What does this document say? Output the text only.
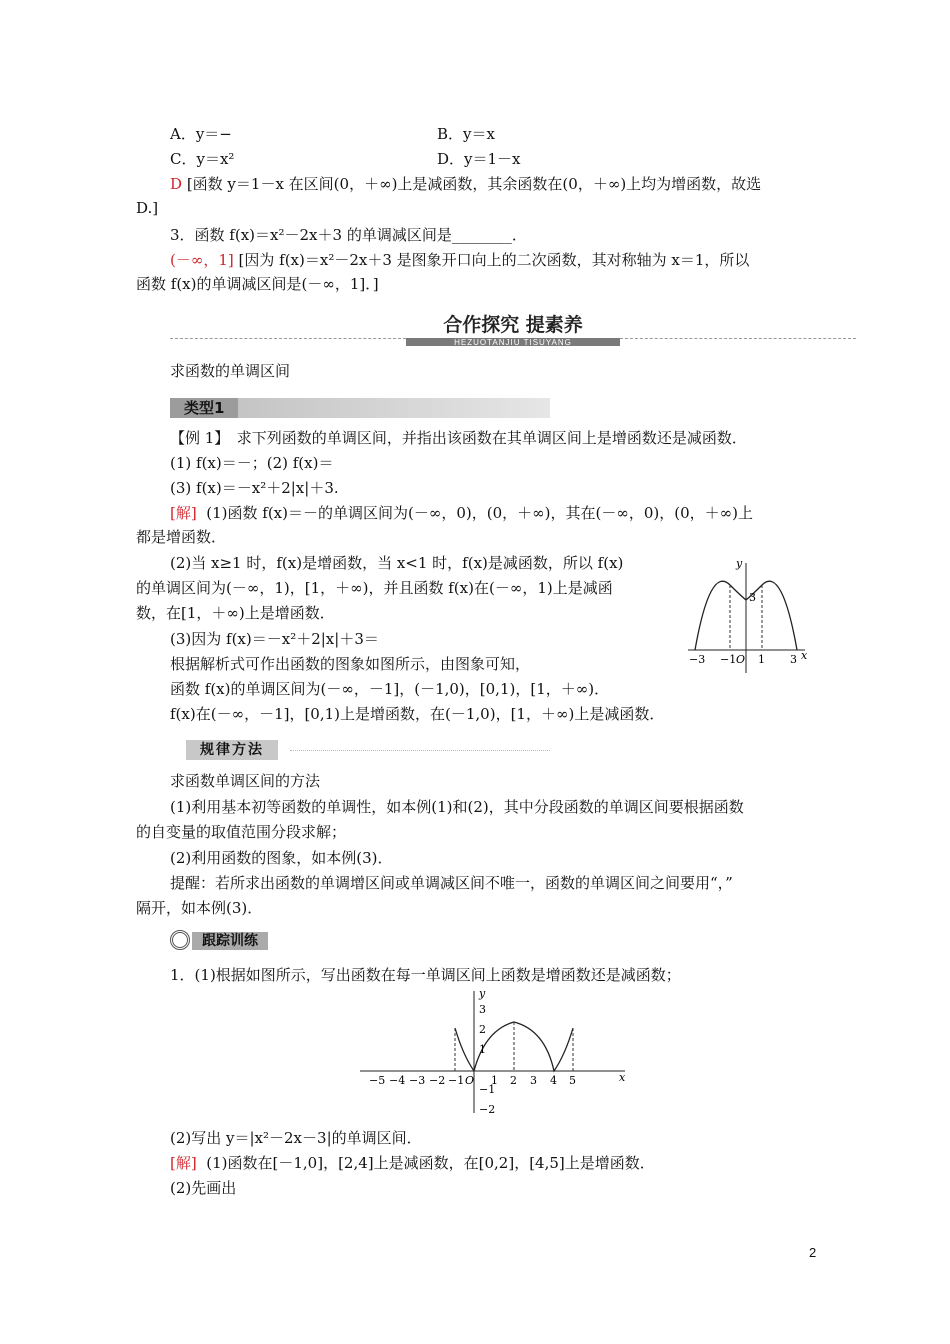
A．y＝−	B．y＝x
C．y＝x²	D．y＝1－x
D [函数 y＝1－x 在区间(0，＋∞)上是减函数，其余函数在(0，＋∞)上均为增函数，故选
D.]
3．函数 f(x)＝x²－2x＋3 的单调减区间是________．
(－∞，1] [因为 f(x)＝x²－2x＋3 是图象开口向上的二次函数，其对称轴为 x＝1，所以
函数 f(x)的单调减区间是(－∞，1]．]
合作探究 提素养
HEZUOTANJIU TISUYANG
求函数的单调区间
类型1
【例 1】　求下列函数的单调区间，并指出该函数在其单调区间上是增函数还是减函数．
(1) f(x)＝－；(2) f(x)＝
(3) f(x)＝－x²＋2|x|＋3.
[解] (1)函数 f(x)＝－的单调区间为(－∞，0)，(0，＋∞)，其在(－∞，0)，(0，＋∞)上
都是增函数．
(2)当 x≥1 时，f(x)是增函数，当 x<1 时，f(x)是减函数，所以 f(x)
的单调区间为(－∞，1)，[1，＋∞)，并且函数 f(x)在(－∞，1)上是减函
数，在[1，＋∞)上是增函数．
(3)因为 f(x)＝－x²＋2|x|＋3＝
根据解析式可作出函数的图象如图所示，由图象可知，
函数 f(x)的单调区间为(－∞，－1]，(－1,0)，[0,1)，[1，＋∞)．
f(x)在(－∞，－1]，[0,1)上是增函数，在(－1,0)，[1，＋∞)上是减函数．
y
x
3
−3 −1 O 1 3
规律方法
求函数单调区间的方法
(1)利用基本初等函数的单调性，如本例(1)和(2)，其中分段函数的单调区间要根据函数
的自变量的取值范围分段求解；
(2)利用函数的图象，如本例(3)．
提醒：若所求出函数的单调增区间或单调减区间不唯一，函数的单调区间之间要用“，”
隔开，如本例(3)．
跟踪训练
1．(1)根据如图所示，写出函数在每一单调区间上函数是增函数还是减函数；
y
x
3
2
1
−1
−2
−5 −4 −3 −2 −1 O 1 2 3 4 5
(2)写出 y＝|x²－2x－3|的单调区间．
[解] (1)函数在[－1,0]，[2,4]上是减函数，在[0,2]，[4,5]上是增函数．
(2)先画出
2
